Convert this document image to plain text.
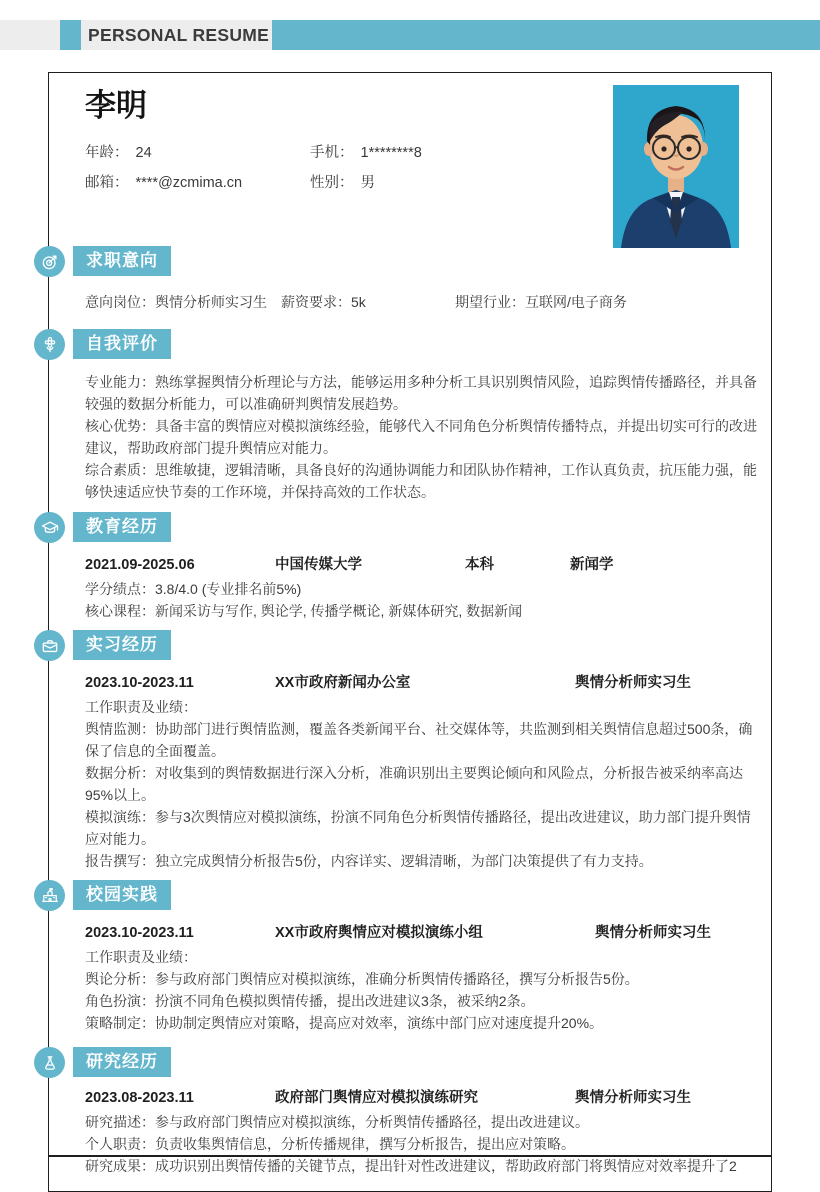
PERSONAL RESUME
李明
年龄： 24	手机： 1********8
邮箱： ****@zcmima.cn	性别： 男
求职意向
意向岗位：舆情分析师实习生	薪资要求：5k	期望行业：互联网/电子商务
自我评价

专业能力：熟练掌握舆情分析理论与方法，能够运用多种分析工具识别舆情风险，追踪舆情传播路径，并具备较强的数据分析能力，可以准确研判舆情发展趋势。

核心优势：具备丰富的舆情应对模拟演练经验，能够代入不同角色分析舆情传播特点，并提出切实可行的改进建议，帮助政府部门提升舆情应对能力。

综合素质：思维敏捷，逻辑清晰，具备良好的沟通协调能力和团队协作精神，工作认真负责，抗压能力强，能够快速适应快节奏的工作环境，并保持高效的工作状态。

教育经历
2021.09-2025.06	中国传媒大学	本科	新闻学

学分绩点：3.8/4.0 (专业排名前5%)

核心课程：新闻采访与写作, 舆论学, 传播学概论, 新媒体研究, 数据新闻

实习经历
2023.10-2023.11	XX市政府新闻办公室	舆情分析师实习生

工作职责及业绩：

舆情监测：协助部门进行舆情监测，覆盖各类新闻平台、社交媒体等，共监测到相关舆情信息超过500条，确保了信息的全面覆盖。

数据分析：对收集到的舆情数据进行深入分析，准确识别出主要舆论倾向和风险点，分析报告被采纳率高达95%以上。

模拟演练：参与3次舆情应对模拟演练，扮演不同角色分析舆情传播路径，提出改进建议，助力部门提升舆情应对能力。

报告撰写：独立完成舆情分析报告5份，内容详实、逻辑清晰，为部门决策提供了有力支持。

校园实践
2023.10-2023.11	XX市政府舆情应对模拟演练小组	舆情分析师实习生

工作职责及业绩：

舆论分析：参与政府部门舆情应对模拟演练，准确分析舆情传播路径，撰写分析报告5份。

角色扮演：扮演不同角色模拟舆情传播，提出改进建议3条，被采纳2条。

策略制定：协助制定舆情应对策略，提高应对效率，演练中部门应对速度提升20%。

研究经历
2023.08-2023.11	政府部门舆情应对模拟演练研究	舆情分析师实习生

研究描述：参与政府部门舆情应对模拟演练，分析舆情传播路径，提出改进建议。

个人职责：负责收集舆情信息，分析传播规律，撰写分析报告，提出应对策略。

研究成果：成功识别出舆情传播的关键节点，提出针对性改进建议，帮助政府部门将舆情应对效率提升了2
